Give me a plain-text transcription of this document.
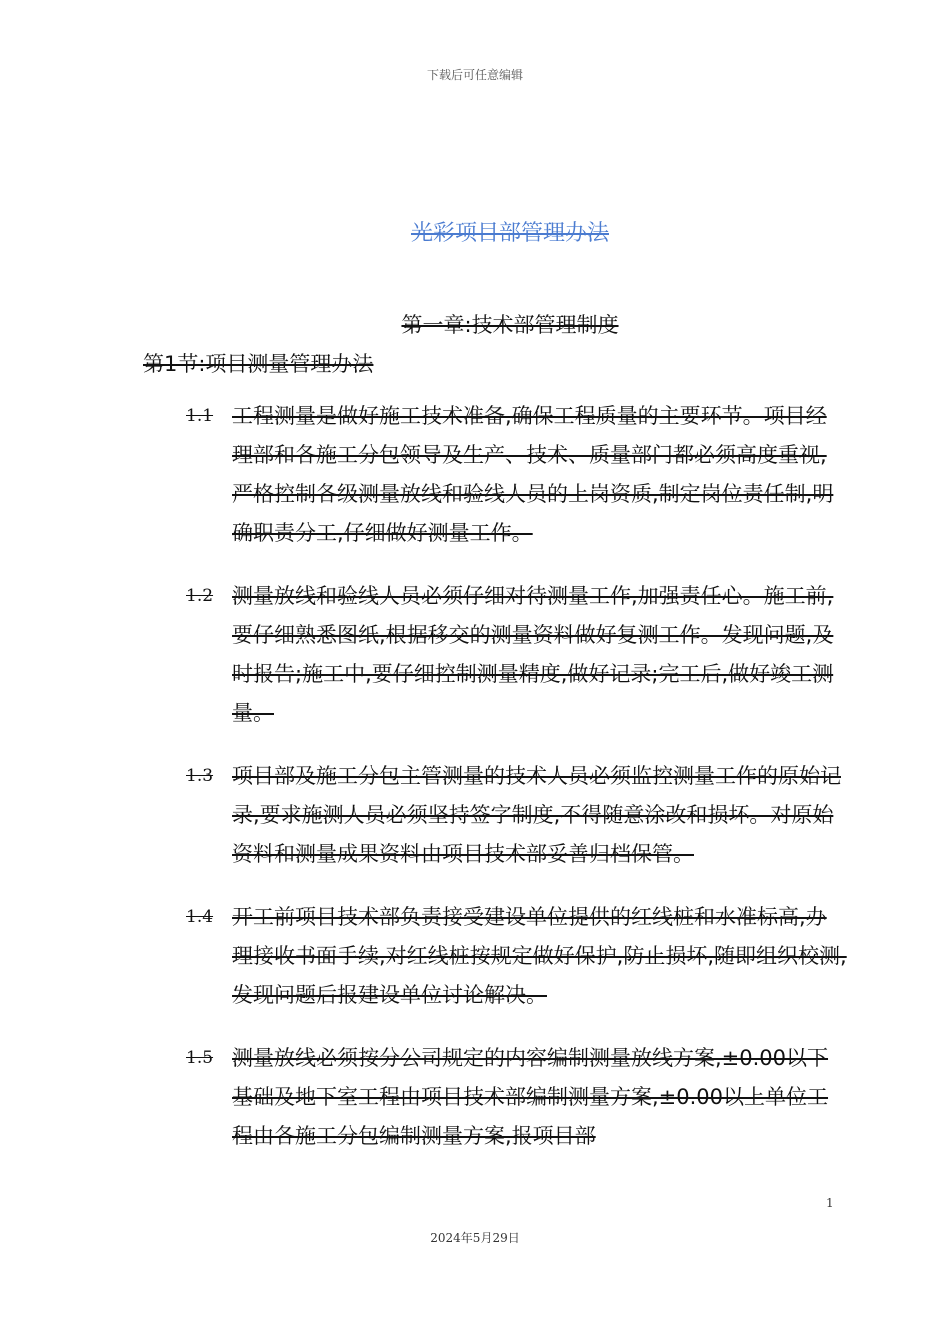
下载后可任意编辑
光彩项目部管理办法
第一章:技术部管理制度
第1节:项目测量管理办法
1.1 工程测量是做好施工技术准备,确保工程质量的主要环节。项目经理部和各施工分包领导及生产、技术、质量部门都必须高度重视,严格控制各级测量放线和验线人员的上岗资质,制定岗位责任制,明确职责分工,仔细做好测量工作。
1.2 测量放线和验线人员必须仔细对待测量工作,加强责任心。施工前,要仔细熟悉图纸,根据移交的测量资料做好复测工作。发现问题,及时报告;施工中,要仔细控制测量精度,做好记录;完工后,做好竣工测量。
1.3 项目部及施工分包主管测量的技术人员必须监控测量工作的原始记录,要求施测人员必须坚持签字制度,不得随意涂改和损坏。对原始资料和测量成果资料由项目技术部妥善归档保管。
1.4 开工前项目技术部负责接受建设单位提供的红线桩和水准标高,办理接收书面手续,对红线桩按规定做好保护,防止损坏,随即组织校测,发现问题后报建设单位讨论解决。
1.5 测量放线必须按分公司规定的内容编制测量放线方案,±0.00以下基础及地下室工程由项目技术部编制测量方案,±0.00以上单位工程由各施工分包编制测量方案,报项目部
1
2024年5月29日
